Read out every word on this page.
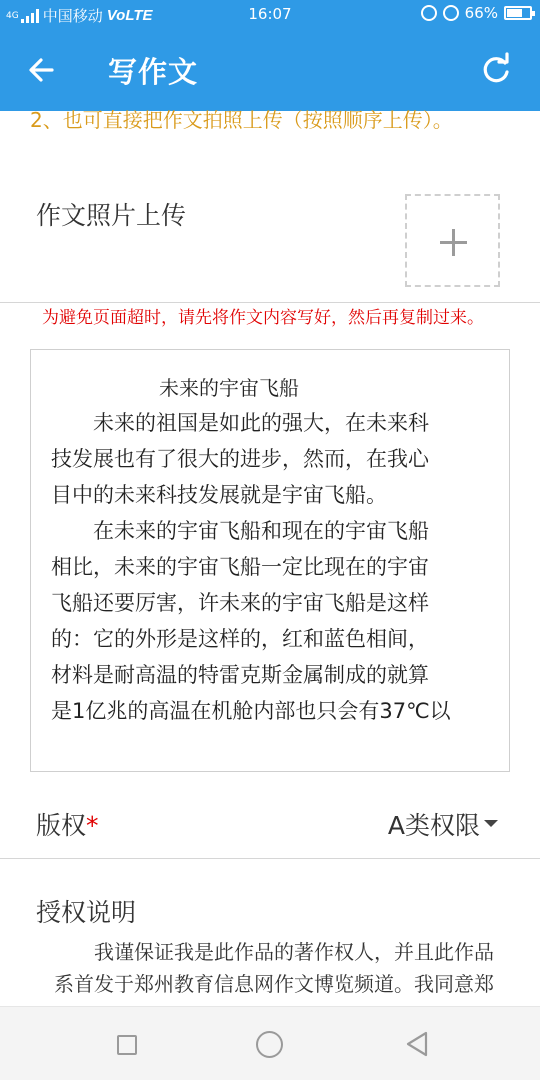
4G 中国移动 VoLTE	16:07	66%
写作文
2、也可直接把作文拍照上传（按照顺序上传）。
作文照片上传
为避免页面超时，请先将作文内容写好，然后再复制过来。
未来的宇宙飞船
　　未来的祖国是如此的强大，在未来科
技发展也有了很大的进步，然而，在我心
目中的未来科技发展就是宇宙飞船。
　　在未来的宇宙飞船和现在的宇宙飞船
相比，未来的宇宙飞船一定比现在的宇宙
飞船还要厉害，许未来的宇宙飞船是这样
的：它的外形是这样的，红和蓝色相间，
材料是耐高温的特雷克斯金属制成的就算
是1亿兆的高温在机舱内部也只会有37℃以
版权*	A类权限
授权说明
　　我谨保证我是此作品的著作权人，并且此作品系首发于郑州教育信息网作文博览频道。我同意郑
